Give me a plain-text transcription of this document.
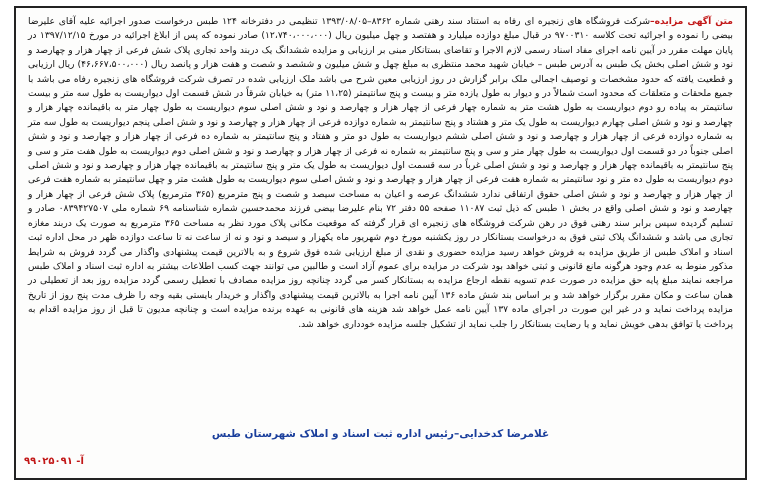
متن آگهی مزایده–شرکت فروشگاه های زنجیره ای رفاه به استناد سند رهنی شماره ۸۳۶۲–۱۳۹۳/۰۸/۰۵ تنظیمی در دفترخانه ۱۲۴ طبس درخواست صدور اجرائیه علیه آقای علیرضا بیضی را نموده و اجرائیه تحت کلاسه ۹۷۰۰۳۱۰ در قبال مبلغ دوازده میلیارد و هفتصد و چهل میلیون ریال (۱۲،۷۴۰،۰۰۰،۰۰۰) صادر نموده که پس از ابلاغ اجرائیه در مورخ ۱۳۹۷/۱۲/۱۵ در پایان مهلت مقرر در آیین نامه اجرای مفاد اسناد رسمی لازم الاجرا و تقاضای بستانکار مبنی بر ارزیابی و مزایده ششدانگ یک دربند واحد تجاری پلاک شش فرعی از چهار هزار و چهارصد و نود و شش اصلی بخش یک طبس به آدرس طبس – خیابان شهید محمد منتظری به مبلغ چهل و شش میلیون و ششصد و شصت و هفت هزار و پانصد ریال (۴۶،۶۶۷،۵۰۰،۰۰۰) ریال ارزیابی و قطعیت یافته که حدود مشخصات و توصیف اجمالی ملک برابر گزارش در روز ارزیابی معین شرح می باشد ملک ارزیابی شده در تصرف شرکت فروشگاه های زنجیره رفاه می باشد با جمیع ملحقات و متعلقات که محدود است شمالاً در و دیوار به طول یازده متر و بیست و پنج سانتیمتر (۱۱،۲۵ متر) به خیابان شرقاً در شش قسمت اول دیواریست به طول سه متر و بیست سانتیمتر به پیاده رو دوم دیواریست به طول هشت متر به شماره چهار فرعی از چهار هزار و چهارصد و نود و شش اصلی سوم دیواریست به طول چهار متر به باقیمانده چهار هزار و چهارصد و نود و شش اصلی چهارم دیواریست به طول یک متر و هشتاد و پنج سانتیمتر به شماره دوازده فرعی از چهار هزار و چهارصد و نود و شش اصلی پنجم دیواریست به طول سه متر به شماره دوازده فرعی از چهار هزار و چهارصد و نود و شش اصلی ششم دیواریست به طول دو متر و هفتاد و پنج سانتیمتر به شماره ده فرعی از چهار هزار و چهارصد و نود و شش اصلی جنوباً در دو قسمت اول دیواریست به طول چهار متر و سی و پنج سانتیمتر به شماره نه فرعی از چهار هزار و چهارصد و نود و شش اصلی دوم دیواریست به طول هفت متر و سی و پنج سانتیمتر به باقیمانده چهار هزار و چهارصد و نود و شش اصلی غرباً در سه قسمت اول دیواریست به طول یک متر و پنج سانتیمتر به باقیمانده چهار هزار و چهارصد و نود و شش اصلی دوم دیواریست به طول ده متر و نود سانتیمتر به شماره هفت فرعی از چهار هزار و چهارصد و نود و شش اصلی سوم دیواریست به طول هشت متر و چهل سانتیمتر به شماره هفت فرعی از چهار هزار و چهارصد و نود و شش اصلی حقوق ارتفاقی ندارد ششدانگ عرصه و اعیان به مساحت سیصد و شصت و پنج مترمربع (۳۶۵ مترمربع) پلاک شش فرعی از چهار هزار و چهارصد و نود و شش اصلی واقع در بخش ۱ طبس که ذیل ثبت ۱۱۰۸۷ صفحه ۵۵ دفتر ۷۲ بنام علیرضا بیضی فرزند محمدحسین شماره شناسنامه ۶۹ شماره ملی ۰۸۳۹۴۲۷۵۰۷ صادر و تسلیم گردیده سپس برابر سند رهنی فوق در رهن شرکت فروشگاه های زنجیره ای قرار گرفته که موقعیت مکانی پلاک مورد نظر به مساحت ۳۶۵ مترمربع به صورت یک دربند مغازه تجاری می باشد و ششدانگ پلاک ثبتی فوق به درخواست بستانکار در روز یکشنبه مورخ دوم شهریور ماه یکهزار و سیصد و نود و نه از ساعت نه تا ساعت دوازده ظهر در محل اداره ثبت اسناد و املاک طبس از طریق مزایده به فروش خواهد رسید مزایده حضوری و نقدی از مبلغ ارزیابی شده فوق شروع و به بالاترین قیمت پیشنهادی واگذار می گردد فروش به شرایط مذکور منوط به عدم وجود هرگونه مانع قانونی و ثبتی خواهد بود شرکت در مزایده برای عموم آزاد است و طالبین می توانند جهت کسب اطلاعات بیشتر به اداره ثبت اسناد و املاک طبس مراجعه نمایند مبلغ پایه حق مزایده در صورت عدم تسویه نقطه ارجاع مزایده به بستانکار کسر می گردد چنانچه روز مزایده مصادف با تعطیل رسمی گردد مزایده روز بعد از تعطیلی در همان ساعت و مکان مقرر برگزار خواهد شد و بر اساس بند شش ماده ۱۳۶ آیین نامه اجرا به بالاترین قیمت پیشنهادی واگذار و خریدار بایستی بقیه وجه را ظرف مدت پنج روز از تاریخ مزایده پرداخت نماید و در غیر این صورت در اجرای ماده ۱۳۷ آیین نامه عمل خواهد شد هزینه های قانونی به عهده برنده مزایده است و چنانچه مدیون تا قبل از روز مزایده اقدام به پرداخت یا توافق بدهی خویش نماید و یا رضایت بستانکار را جلب نماید از تشکیل جلسه مزایده خودداری خواهد شد.
غلامرضا کدخدایی–رئیس اداره ثبت اسناد و املاک شهرستان طبس
۹۹۰۲۵۰۹۱ -آ
